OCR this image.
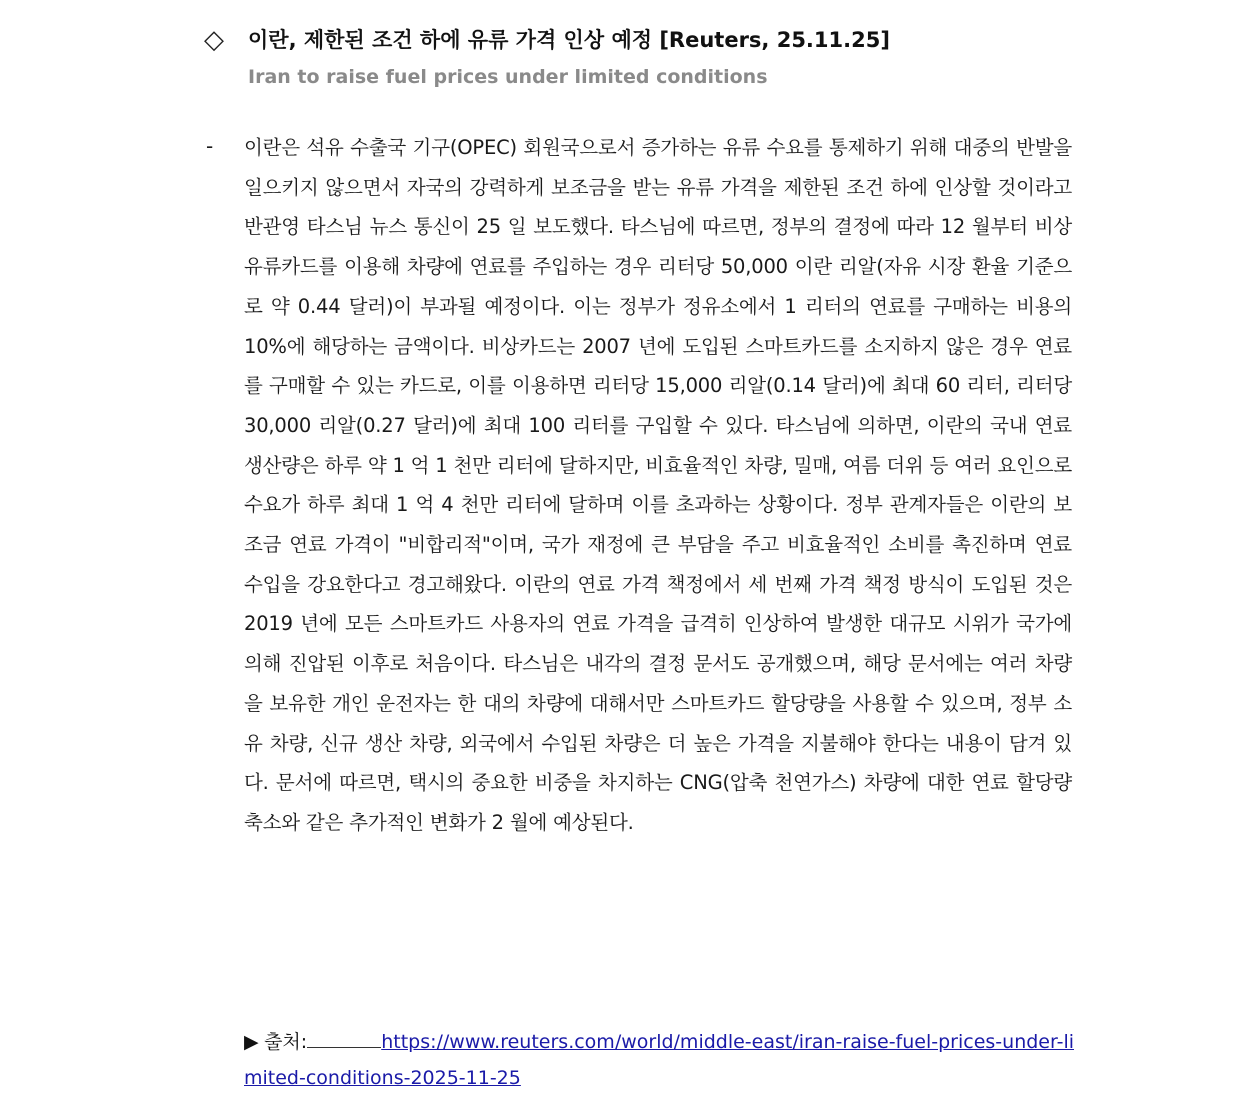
◇ 이란, 제한된 조건 하에 유류 가격 인상 예정 [Reuters, 25.11.25]
Iran to raise fuel prices under limited conditions
- 이란은 석유 수출국 기구(OPEC) 회원국으로서 증가하는 유류 수요를 통제하기 위해 대중의 반발을 일으키지 않으면서 자국의 강력하게 보조금을 받는 유류 가격을 제한된 조건 하에 인상할 것이라고 반관영 타스님 뉴스 통신이 25 일 보도했다. 타스님에 따르면, 정부의 결정에 따라 12 월부터 비상유류카드를 이용해 차량에 연료를 주입하는 경우 리터당 50,000 이란 리알(자유 시장 환율 기준으로 약 0.44 달러)이 부과될 예정이다. 이는 정부가 정유소에서 1 리터의 연료를 구매하는 비용의 10%에 해당하는 금액이다. 비상카드는 2007 년에 도입된 스마트카드를 소지하지 않은 경우 연료를 구매할 수 있는 카드로, 이를 이용하면 리터당 15,000 리알(0.14 달러)에 최대 60 리터, 리터당 30,000 리알(0.27 달러)에 최대 100 리터를 구입할 수 있다. 타스님에 의하면, 이란의 국내 연료 생산량은 하루 약 1 억 1 천만 리터에 달하지만, 비효율적인 차량, 밀매, 여름 더위 등 여러 요인으로 수요가 하루 최대 1 억 4 천만 리터에 달하며 이를 초과하는 상황이다. 정부 관계자들은 이란의 보조금 연료 가격이 "비합리적"이며, 국가 재정에 큰 부담을 주고 비효율적인 소비를 촉진하며 연료 수입을 강요한다고 경고해왔다. 이란의 연료 가격 책정에서 세 번째 가격 책정 방식이 도입된 것은 2019 년에 모든 스마트카드 사용자의 연료 가격을 급격히 인상하여 발생한 대규모 시위가 국가에 의해 진압된 이후로 처음이다. 타스님은 내각의 결정 문서도 공개했으며, 해당 문서에는 여러 차량을 보유한 개인 운전자는 한 대의 차량에 대해서만 스마트카드 할당량을 사용할 수 있으며, 정부 소유 차량, 신규 생산 차량, 외국에서 수입된 차량은 더 높은 가격을 지불해야 한다는 내용이 담겨 있다. 문서에 따르면, 택시의 중요한 비중을 차지하는 CNG(압축 천연가스) 차량에 대한 연료 할당량 축소와 같은 추가적인 변화가 2 월에 예상된다.
▶출처:	https://www.reuters.com/world/middle-east/iran-raise-fuel-prices-under-limited-conditions-2025-11-25
